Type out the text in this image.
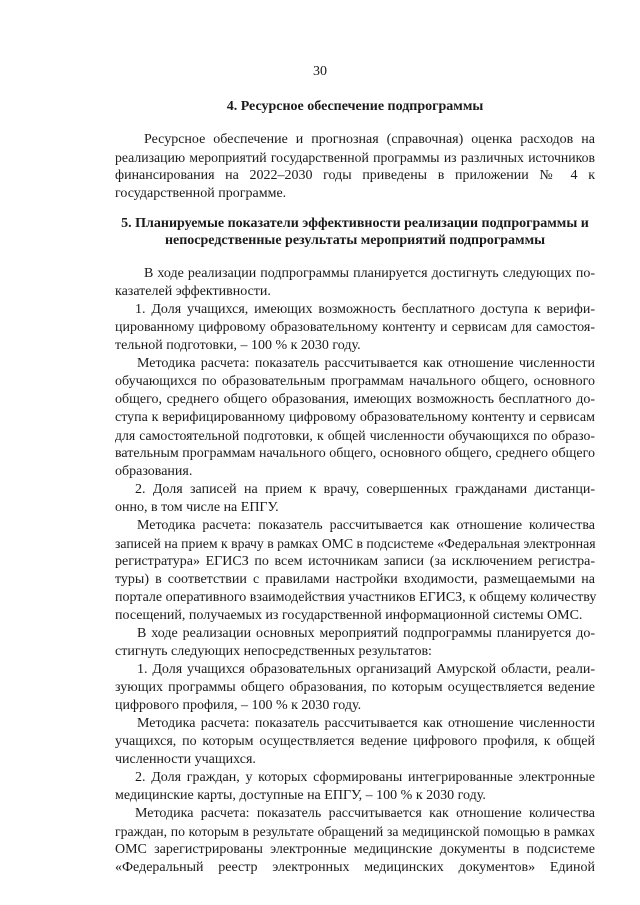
30
4. Ресурсное обеспечение подпрограммы
Ресурсное обеспечение и прогнозная (справочная) оценка расходов на
реализацию мероприятий государственной программы из различных источников
финансирования на 2022–2030 годы приведены в приложении № 4 к
государственной программе.
5. Планируемые показатели эффективности реализации подпрограммы и
непосредственные результаты мероприятий подпрограммы
В ходе реализации подпрограммы планируется достигнуть следующих по-
казателей эффективности.
1. Доля учащихся, имеющих возможность бесплатного доступа к верифи-
цированному цифровому образовательному контенту и сервисам для самостоя-
тельной подготовки, – 100 % к 2030 году.
Методика расчета: показатель рассчитывается как отношение численности
обучающихся по образовательным программам начального общего, основного
общего, среднего общего образования, имеющих возможность бесплатного до-
ступа к верифицированному цифровому образовательному контенту и сервисам
для самостоятельной подготовки, к общей численности обучающихся по образо-
вательным программам начального общего, основного общего, среднего общего
образования.
2. Доля записей на прием к врачу, совершенных гражданами дистанци-
онно, в том числе на ЕПГУ.
Методика расчета: показатель рассчитывается как отношение количества
записей на прием к врачу в рамках ОМС в подсистеме «Федеральная электронная
регистратура» ЕГИСЗ по всем источникам записи (за исключением регистра-
туры) в соответствии с правилами настройки входимости, размещаемыми на
портале оперативного взаимодействия участников ЕГИСЗ, к общему количеству
посещений, получаемых из государственной информационной системы ОМС.
В ходе реализации основных мероприятий подпрограммы планируется до-
стигнуть следующих непосредственных результатов:
1. Доля учащихся образовательных организаций Амурской области, реали-
зующих программы общего образования, по которым осуществляется ведение
цифрового профиля, – 100 % к 2030 году.
Методика расчета: показатель рассчитывается как отношение численности
учащихся, по которым осуществляется ведение цифрового профиля, к общей
численности учащихся.
2. Доля граждан, у которых сформированы интегрированные электронные
медицинские карты, доступные на ЕПГУ, – 100 % к 2030 году.
Методика расчета: показатель рассчитывается как отношение количества
граждан, по которым в результате обращений за медицинской помощью в рамках
ОМС зарегистрированы электронные медицинские документы в подсистеме
«Федеральный реестр электронных медицинских документов» Единой
